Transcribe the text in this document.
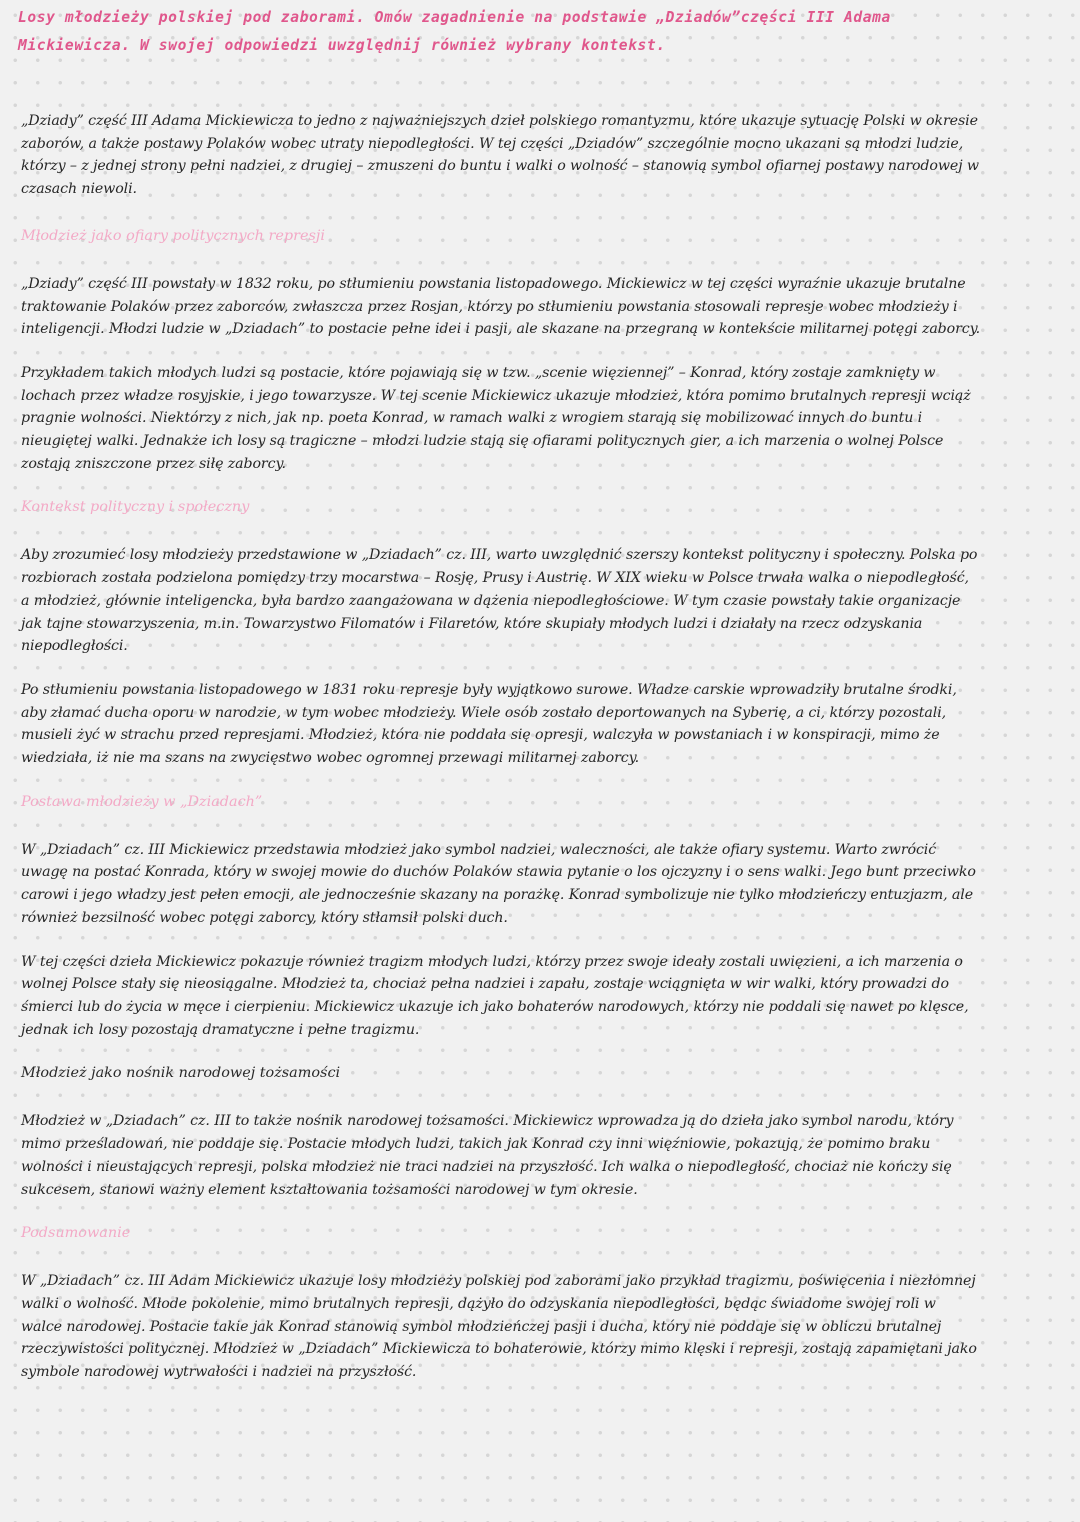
Losy młodzieży polskiej pod zaborami. Omów zagadnienie na podstawie „Dziadów”części III Adama Mickiewicza. W swojej odpowiedzi uwzględnij również wybrany kontekst.

„Dziady” część III Adama Mickiewicza to jedno z najważniejszych dzieł polskiego romantyzmu, które ukazuje sytuację Polski w okresie zaborów, a także postawy Polaków wobec utraty niepodległości. W tej części „Dziadów” szczególnie mocno ukazani są młodzi ludzie, którzy – z jednej strony pełni nadziei, z drugiej – zmuszeni do buntu i walki o wolność – stanowią symbol ofiarnej postawy narodowej w czasach niewoli.

Młodzież jako ofiary politycznych represji

„Dziady” część III powstały w 1832 roku, po stłumieniu powstania listopadowego. Mickiewicz w tej części wyraźnie ukazuje brutalne traktowanie Polaków przez zaborców, zwłaszcza przez Rosjan, którzy po stłumieniu powstania stosowali represje wobec młodzieży i inteligencji. Młodzi ludzie w „Dziadach” to postacie pełne idei i pasji, ale skazane na przegraną w kontekście militarnej potęgi zaborcy.

Przykładem takich młodych ludzi są postacie, które pojawiają się w tzw. „scenie więziennej” – Konrad, który zostaje zamknięty w lochach przez władze rosyjskie, i jego towarzysze. W tej scenie Mickiewicz ukazuje młodzież, która pomimo brutalnych represji wciąż pragnie wolności. Niektórzy z nich, jak np. poeta Konrad, w ramach walki z wrogiem starają się mobilizować innych do buntu i nieugiętej walki. Jednakże ich losy są tragiczne – młodzi ludzie stają się ofiarami politycznych gier, a ich marzenia o wolnej Polsce zostają zniszczone przez siłę zaborcy.

Kontekst polityczny i społeczny

Aby zrozumieć losy młodzieży przedstawione w „Dziadach” cz. III, warto uwzględnić szerszy kontekst polityczny i społeczny. Polska po rozbiorach została podzielona pomiędzy trzy mocarstwa – Rosję, Prusy i Austrię. W XIX wieku w Polsce trwała walka o niepodległość, a młodzież, głównie inteligencka, była bardzo zaangażowana w dążenia niepodległościowe. W tym czasie powstały takie organizacje jak tajne stowarzyszenia, m.in. Towarzystwo Filomatów i Filaretów, które skupiały młodych ludzi i działały na rzecz odzyskania niepodległości.

Po stłumieniu powstania listopadowego w 1831 roku represje były wyjątkowo surowe. Władze carskie wprowadziły brutalne środki, aby złamać ducha oporu w narodzie, w tym wobec młodzieży. Wiele osób zostało deportowanych na Syberię, a ci, którzy pozostali, musieli żyć w strachu przed represjami. Młodzież, która nie poddała się opresji, walczyła w powstaniach i w konspiracji, mimo że wiedziała, iż nie ma szans na zwycięstwo wobec ogromnej przewagi militarnej zaborcy.

Postawa młodzieży w „Dziadach”

W „Dziadach” cz. III Mickiewicz przedstawia młodzież jako symbol nadziei, waleczności, ale także ofiary systemu. Warto zwrócić uwagę na postać Konrada, który w swojej mowie do duchów Polaków stawia pytanie o los ojczyzny i o sens walki. Jego bunt przeciwko carowi i jego władzy jest pełen emocji, ale jednocześnie skazany na porażkę. Konrad symbolizuje nie tylko młodzieńczy entuzjazm, ale również bezsilność wobec potęgi zaborcy, który stłamsił polski duch.

W tej części dzieła Mickiewicz pokazuje również tragizm młodych ludzi, którzy przez swoje ideały zostali uwięzieni, a ich marzenia o wolnej Polsce stały się nieosiągalne. Młodzież ta, chociaż pełna nadziei i zapału, zostaje wciągnięta w wir walki, który prowadzi do śmierci lub do życia w męce i cierpieniu. Mickiewicz ukazuje ich jako bohaterów narodowych, którzy nie poddali się nawet po klęsce, jednak ich losy pozostają dramatyczne i pełne tragizmu.

Młodzież jako nośnik narodowej tożsamości

Młodzież w „Dziadach” cz. III to także nośnik narodowej tożsamości. Mickiewicz wprowadza ją do dzieła jako symbol narodu, który mimo prześladowań, nie poddaje się. Postacie młodych ludzi, takich jak Konrad czy inni więźniowie, pokazują, że pomimo braku wolności i nieustających represji, polska młodzież nie traci nadziei na przyszłość. Ich walka o niepodległość, chociaż nie kończy się sukcesem, stanowi ważny element kształtowania tożsamości narodowej w tym okresie.

Podsumowanie

W „Dziadach” cz. III Adam Mickiewicz ukazuje losy młodzieży polskiej pod zaborami jako przykład tragizmu, poświęcenia i niezłomnej walki o wolność. Młode pokolenie, mimo brutalnych represji, dążyło do odzyskania niepodległości, będąc świadome swojej roli w walce narodowej. Postacie takie jak Konrad stanowią symbol młodzieńczej pasji i ducha, który nie poddaje się w obliczu brutalnej rzeczywistości politycznej. Młodzież w „Dziadach” Mickiewicza to bohaterowie, którzy mimo klęski i represji, zostają zapamiętani jako symbole narodowej wytrwałości i nadziei na przyszłość.
